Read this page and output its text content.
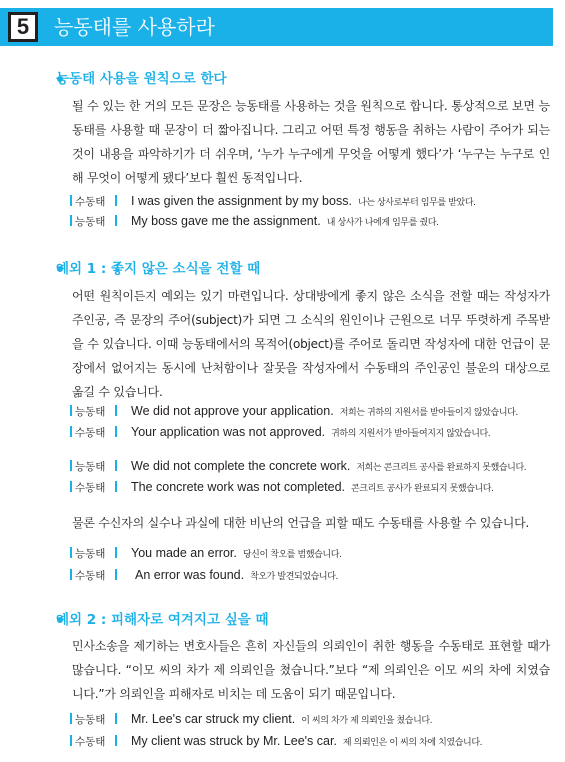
5	능동태를 사용하라
능동태 사용을 원칙으로 한다
될 수 있는 한 거의 모든 문장은 능동태를 사용하는 것을 원칙으로 합니다. 통상적으로 보면 능동태를 사용할 때 문장이 더 짧아집니다. 그리고 어떤 특정 행동을 취하는 사람이 주어가 되는 것이 내용을 파악하기가 더 쉬우며, ‘누가 누구에게 무엇을 어떻게 했다’가 ‘누구는 누구로 인해 무엇이 어떻게 됐다’보다 훨씬 동적입니다.
수동태 I was given the assignment by my boss. 나는 상사로부터 임무를 받았다.
능동태 My boss gave me the assignment. 내 상사가 나에게 임무를 줬다.
예외 1 : 좋지 않은 소식을 전할 때
어떤 원칙이든지 예외는 있기 마련입니다. 상대방에게 좋지 않은 소식을 전할 때는 작성자가 주인공, 즉 문장의 주어(subject)가 되면 그 소식의 원인이나 근원으로 너무 뚜렷하게 주목받을 수 있습니다. 이때 능동태에서의 목적어(object)를 주어로 돌리면 작성자에 대한 언급이 문장에서 없어지는 동시에 난처함이나 잘못을 작성자에서 수동태의 주인공인 불운의 대상으로 옮길 수 있습니다.
능동태 We did not approve your application. 저희는 귀하의 지원서를 받아들이지 않았습니다.
수동태 Your application was not approved. 귀하의 지원서가 받아들여지지 않았습니다.
능동태 We did not complete the concrete work. 저희는 콘크리트 공사를 완료하지 못했습니다.
수동태 The concrete work was not completed. 콘크리트 공사가 완료되지 못했습니다.
물론 수신자의 실수나 과실에 대한 비난의 언급을 피할 때도 수동태를 사용할 수 있습니다.
능동태 You made an error. 당신이 착오를 범했습니다.
수동태 An error was found. 착오가 발견되었습니다.
예외 2 : 피해자로 여겨지고 싶을 때
민사소송을 제기하는 변호사들은 흔히 자신들의 의뢰인이 취한 행동을 수동태로 표현할 때가 많습니다. “이모 씨의 차가 제 의뢰인을 쳤습니다.”보다 “제 의뢰인은 이모 씨의 차에 치였습니다.”가 의뢰인을 피해자로 비치는 데 도움이 되기 때문입니다.
능동태 Mr. Lee's car struck my client. 이 씨의 차가 제 의뢰인을 쳤습니다.
수동태 My client was struck by Mr. Lee's car. 제 의뢰인은 이 씨의 차에 치였습니다.
